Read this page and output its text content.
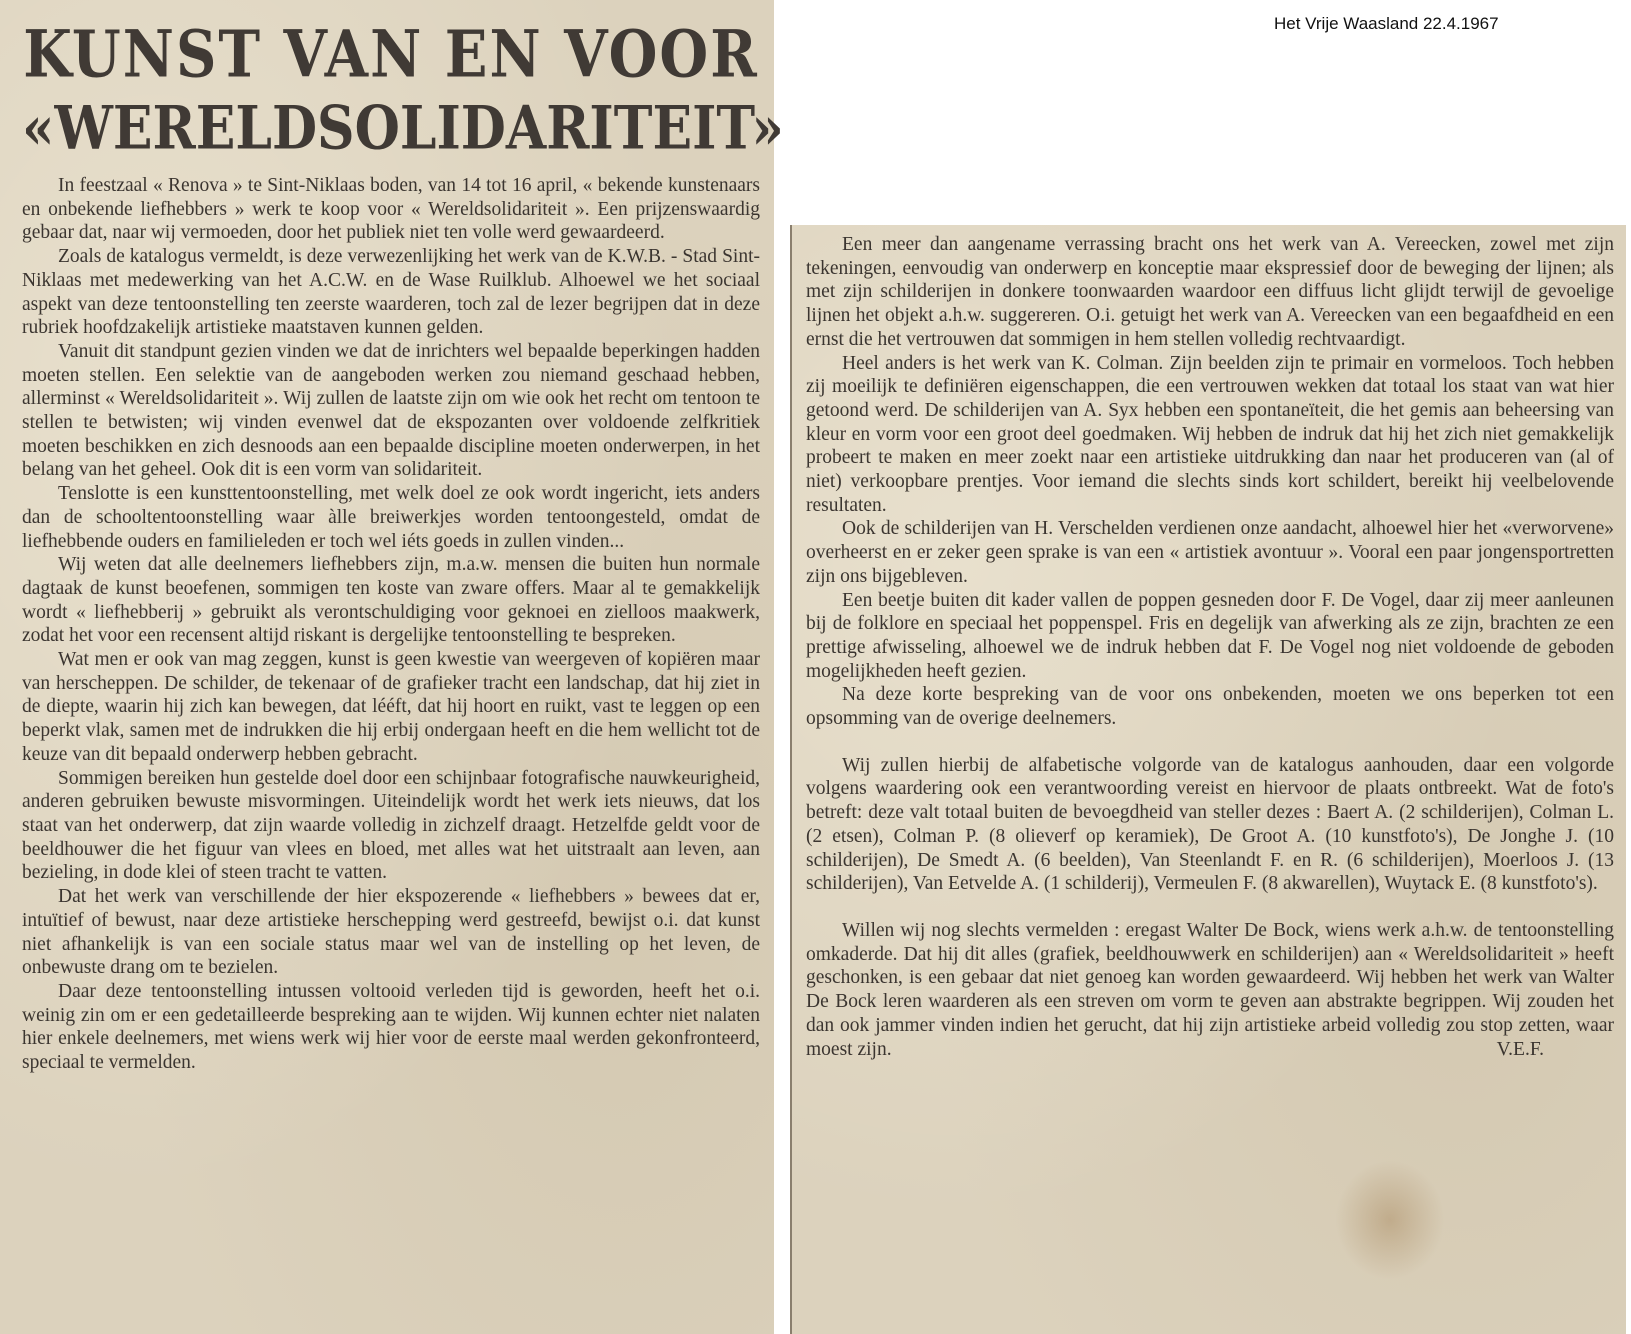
Het Vrije Waasland 22.4.1967
KUNST VAN EN VOOR
«WERELDSOLIDARITEIT»

In feestzaal « Renova » te Sint-Niklaas boden, van 14 tot 16 april, « bekende kunstenaars en onbekende liefhebbers » werk te koop voor « Wereldsolidariteit ». Een prijzenswaardig gebaar dat, naar wij vermoeden, door het publiek niet ten volle werd gewaardeerd.

Zoals de katalogus vermeldt, is deze verwezenlijking het werk van de K.W.B. - Stad Sint-Niklaas met medewerking van het A.C.W. en de Wase Ruilklub. Alhoewel we het sociaal aspekt van deze tentoonstelling ten zeerste waarderen, toch zal de lezer begrijpen dat in deze rubriek hoofdzakelijk artistieke maatstaven kunnen gelden.

Vanuit dit standpunt gezien vinden we dat de inrichters wel bepaalde beperkingen hadden moeten stellen. Een selektie van de aangeboden werken zou niemand geschaad hebben, allerminst « Wereldsolidariteit ». Wij zullen de laatste zijn om wie ook het recht om tentoon te stellen te betwisten; wij vinden evenwel dat de ekspozanten over voldoende zelfkritiek moeten beschikken en zich desnoods aan een bepaalde discipline moeten onderwerpen, in het belang van het geheel. Ook dit is een vorm van solidariteit.

Tenslotte is een kunsttentoonstelling, met welk doel ze ook wordt ingericht, iets anders dan de schooltentoonstelling waar àlle breiwerkjes worden tentoongesteld, omdat de liefhebbende ouders en familieleden er toch wel iéts goeds in zullen vinden...

Wij weten dat alle deelnemers liefhebbers zijn, m.a.w. mensen die buiten hun normale dagtaak de kunst beoefenen, sommigen ten koste van zware offers. Maar al te gemakkelijk wordt « liefhebberij » gebruikt als verontschuldiging voor geknoei en zielloos maakwerk, zodat het voor een recensent altijd riskant is dergelijke tentoonstelling te bespreken.

Wat men er ook van mag zeggen, kunst is geen kwestie van weergeven of kopiëren maar van herscheppen. De schilder, de tekenaar of de grafieker tracht een landschap, dat hij ziet in de diepte, waarin hij zich kan bewegen, dat lééft, dat hij hoort en ruikt, vast te leggen op een beperkt vlak, samen met de indrukken die hij erbij ondergaan heeft en die hem wellicht tot de keuze van dit bepaald onderwerp hebben gebracht.

Sommigen bereiken hun gestelde doel door een schijnbaar fotografische nauwkeurigheid, anderen gebruiken bewuste misvormingen. Uiteindelijk wordt het werk iets nieuws, dat los staat van het onderwerp, dat zijn waarde volledig in zichzelf draagt. Hetzelfde geldt voor de beeldhouwer die het figuur van vlees en bloed, met alles wat het uitstraalt aan leven, aan bezieling, in dode klei of steen tracht te vatten.

Dat het werk van verschillende der hier ekspozerende « liefhebbers » bewees dat er, intuïtief of bewust, naar deze artistieke herschepping werd gestreefd, bewijst o.i. dat kunst niet afhankelijk is van een sociale status maar wel van de instelling op het leven, de onbewuste drang om te bezielen.

Daar deze tentoonstelling intussen voltooid verleden tijd is geworden, heeft het o.i. weinig zin om er een gedetailleerde bespreking aan te wijden. Wij kunnen echter niet nalaten hier enkele deelnemers, met wiens werk wij hier voor de eerste maal werden gekonfronteerd, speciaal te vermelden.

Een meer dan aangename verrassing bracht ons het werk van A. Vereecken, zowel met zijn tekeningen, eenvoudig van onderwerp en konceptie maar ekspressief door de beweging der lijnen; als met zijn schilderijen in donkere toonwaarden waardoor een diffuus licht glijdt terwijl de gevoelige lijnen het objekt a.h.w. suggereren. O.i. getuigt het werk van A. Vereecken van een begaafdheid en een ernst die het vertrouwen dat sommigen in hem stellen volledig rechtvaardigt.

Heel anders is het werk van K. Colman. Zijn beelden zijn te primair en vormeloos. Toch hebben zij moeilijk te definiëren eigenschappen, die een vertrouwen wekken dat totaal los staat van wat hier getoond werd. De schilderijen van A. Syx hebben een spontaneïteit, die het gemis aan beheersing van kleur en vorm voor een groot deel goedmaken. Wij hebben de indruk dat hij het zich niet gemakkelijk probeert te maken en meer zoekt naar een artistieke uitdrukking dan naar het produceren van (al of niet) verkoopbare prentjes. Voor iemand die slechts sinds kort schildert, bereikt hij veelbelovende resultaten.

Ook de schilderijen van H. Verschelden verdienen onze aandacht, alhoewel hier het «verworvene» overheerst en er zeker geen sprake is van een « artistiek avontuur ». Vooral een paar jongensportretten zijn ons bijgebleven.

Een beetje buiten dit kader vallen de poppen gesneden door F. De Vogel, daar zij meer aanleunen bij de folklore en speciaal het poppenspel. Fris en degelijk van afwerking als ze zijn, brachten ze een prettige afwisseling, alhoewel we de indruk hebben dat F. De Vogel nog niet voldoende de geboden mogelijkheden heeft gezien.

Na deze korte bespreking van de voor ons onbekenden, moeten we ons beperken tot een opsomming van de overige deelnemers.

Wij zullen hierbij de alfabetische volgorde van de katalogus aanhouden, daar een volgorde volgens waardering ook een verantwoording vereist en hiervoor de plaats ontbreekt. Wat de foto's betreft: deze valt totaal buiten de bevoegdheid van steller dezes : Baert A. (2 schilderijen), Colman L. (2 etsen), Colman P. (8 olieverf op keramiek), De Groot A. (10 kunstfoto's), De Jonghe J. (10 schilderijen), De Smedt A. (6 beelden), Van Steenlandt F. en R. (6 schilderijen), Moerloos J. (13 schilderijen), Van Eetvelde A. (1 schilderij), Vermeulen F. (8 akwarellen), Wuytack E. (8 kunstfoto's).

Willen wij nog slechts vermelden : eregast Walter De Bock, wiens werk a.h.w. de tentoonstelling omkaderde. Dat hij dit alles (grafiek, beeldhouwwerk en schilderijen) aan « Wereldsolidariteit » heeft geschonken, is een gebaar dat niet genoeg kan worden gewaardeerd. Wij hebben het werk van Walter De Bock leren waarderen als een streven om vorm te geven aan abstrakte begrippen. Wij zouden het dan ook jammer vinden indien het gerucht, dat hij zijn artistieke arbeid volledig zou stop zetten, waar moest zijn.	V.E.F.
